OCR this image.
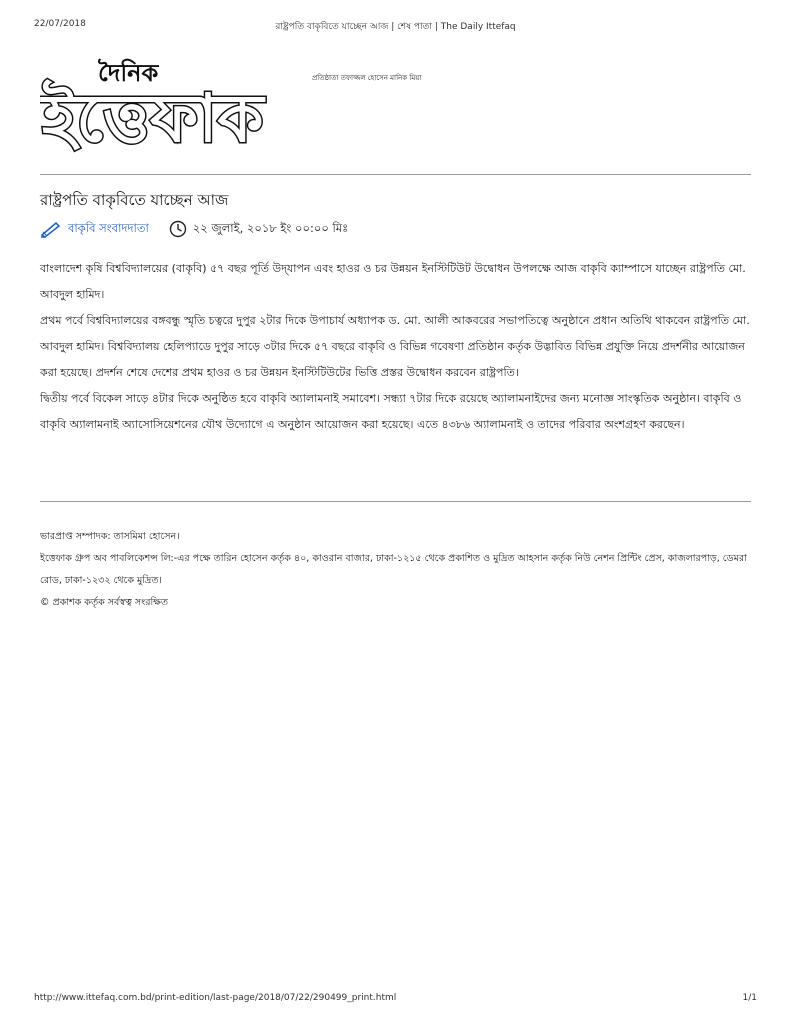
22/07/2018	রাষ্ট্রপতি বাকৃবিতে যাচ্ছেন আজ | শেষ পাতা | The Daily Ittefaq
দৈনিক
ইত্তেফাক
প্রতিষ্ঠাতা তফাজ্জল হোসেন মানিক মিয়া
রাষ্ট্রপতি বাকৃবিতে যাচ্ছেন আজ
বাকৃবি সংবাদদাতা	২২ জুলাই, ২০১৮ ইং ০০:০০ মিঃ

বাংলাদেশ কৃষি বিশ্ববিদ্যালয়ের (বাকৃবি) ৫৭ বছর পূর্তি উদ্‌যাপন এবং হাওর ও চর উন্নয়ন ইনস্টিটিউট উদ্বোধন উপলক্ষে আজ বাকৃবি ক্যাম্পাসে যাচ্ছেন রাষ্ট্রপতি মো. আবদুল হামিদ।

প্রথম পর্বে বিশ্ববিদ্যালয়ের বঙ্গবন্ধু স্মৃতি চত্বরে দুপুর ২টার দিকে উপাচার্য অধ্যাপক ড. মো. আলী আকবরের সভাপতিত্বে অনুষ্ঠানে প্রধান অতিথি থাকবেন রাষ্ট্রপতি মো. আবদুল হামিদ। বিশ্ববিদ্যালয় হেলিপ্যাডে দুপুর সাড়ে ৩টার দিকে ৫৭ বছরে বাকৃবি ও বিভিন্ন গবেষণা প্রতিষ্ঠান কর্তৃক উদ্ভাবিত বিভিন্ন প্রযুক্তি নিয়ে প্রদর্শনীর আয়োজন করা হয়েছে। প্রদর্শন শেষে দেশের প্রথম হাওর ও চর উন্নয়ন ইনস্টিটিউটের ভিত্তি প্রস্তর উদ্বোধন করবেন রাষ্ট্রপতি।

দ্বিতীয় পর্বে বিকেল সাড়ে ৪টার দিকে অনুষ্ঠিত হবে বাকৃবি অ্যালামনাই সমাবেশ। সন্ধ্যা ৭টার দিকে রয়েছে অ্যালামনাইদের জন্য মনোজ্ঞ সাংস্কৃতিক অনুষ্ঠান। বাকৃবি ও বাকৃবি অ্যালামনাই অ্যাসোসিয়েশনের যৌথ উদ্যোগে এ অনুষ্ঠান আয়োজন করা হয়েছে। এতে ৪৩৮৬ অ্যালামনাই ও তাদের পরিবার অংশগ্রহণ করছেন।

ভারপ্রাপ্ত সম্পাদক: তাসমিমা হোসেন।

ইত্তেফাক গ্রুপ অব পাবলিকেশন্স লি:-এর পক্ষে তারিন হোসেন কর্তৃক ৪০, কাওরান বাজার, ঢাকা-১২১৫ থেকে প্রকাশিত ও মুদ্রিত আহসান কর্তৃক নিউ নেশন প্রিন্টিং প্রেস, কাজলারপাড়, ডেমরা রোড, ঢাকা-১২৩২ থেকে মুদ্রিত।

© প্রকাশক কর্তৃক সর্বস্বত্ব সংরক্ষিত

http://www.ittefaq.com.bd/print-edition/last-page/2018/07/22/290499_print.html	1/1
